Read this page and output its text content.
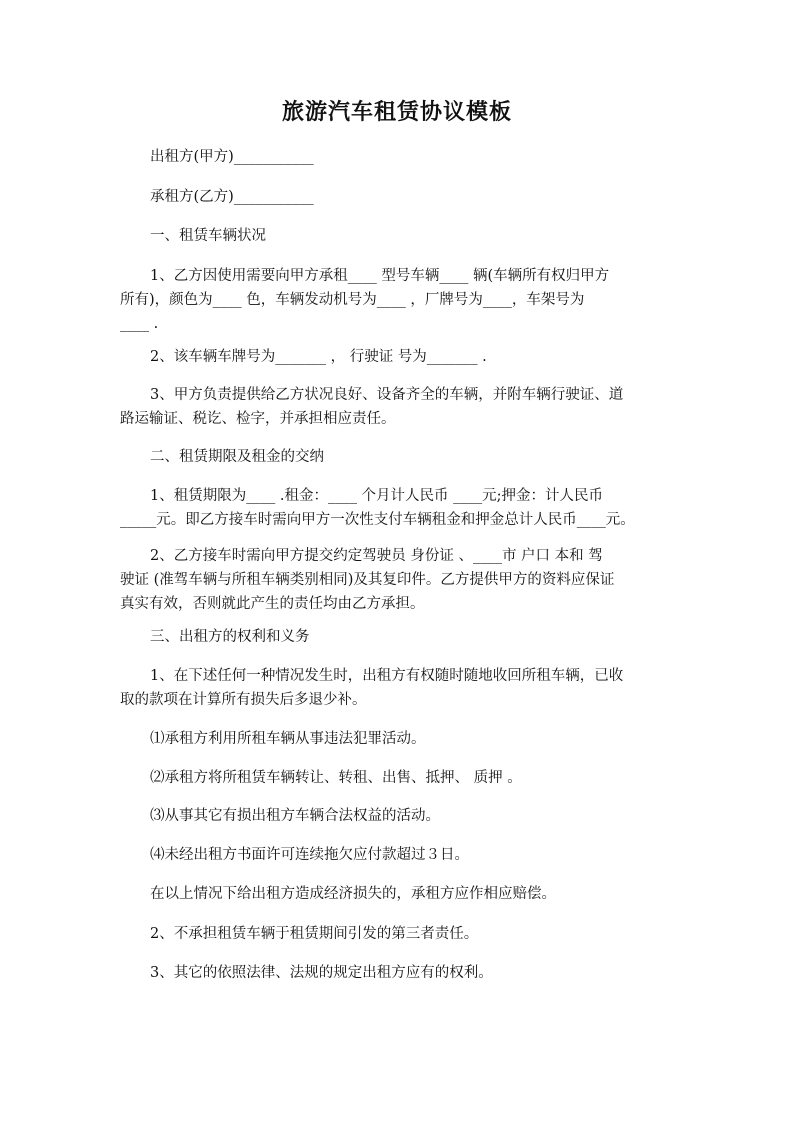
旅游汽车租赁协议模板

出租方(甲方)___________

承租方(乙方)___________

一、租赁车辆状况

1、乙方因使用需要向甲方承租____ 型号车辆____ 辆(车辆所有权归甲方

所有)，颜色为____ 色，车辆发动机号为____ ，厂牌号为____，车架号为

____ .

2、该车辆车牌号为_______ ， 行驶证 号为_______ .

3、甲方负责提供给乙方状况良好、设备齐全的车辆，并附车辆行驶证、道

路运输证、税讫、检字，并承担相应责任。

二、租赁期限及租金的交纳

1、租赁期限为____ .租金：____ 个月计人民币 ____元;押金：计人民币

_____元。即乙方接车时需向甲方一次性支付车辆租金和押金总计人民币____元。

2、乙方接车时需向甲方提交约定驾驶员 身份证 、____市 户口 本和 驾

驶证 (准驾车辆与所租车辆类别相同)及其复印件。乙方提供甲方的资料应保证

真实有效，否则就此产生的责任均由乙方承担。

三、出租方的权利和义务

1、在下述任何一种情况发生时，出租方有权随时随地收回所租车辆，已收

取的款项在计算所有损失后多退少补。

⑴承租方利用所租车辆从事违法犯罪活动。

⑵承租方将所租赁车辆转让、转租、出售、抵押、 质押 。

⑶从事其它有损出租方车辆合法权益的活动。

⑷未经出租方书面许可连续拖欠应付款超过３日。

在以上情况下给出租方造成经济损失的，承租方应作相应赔偿。

2、不承担租赁车辆于租赁期间引发的第三者责任。

3、其它的依照法律、法规的规定出租方应有的权利。
